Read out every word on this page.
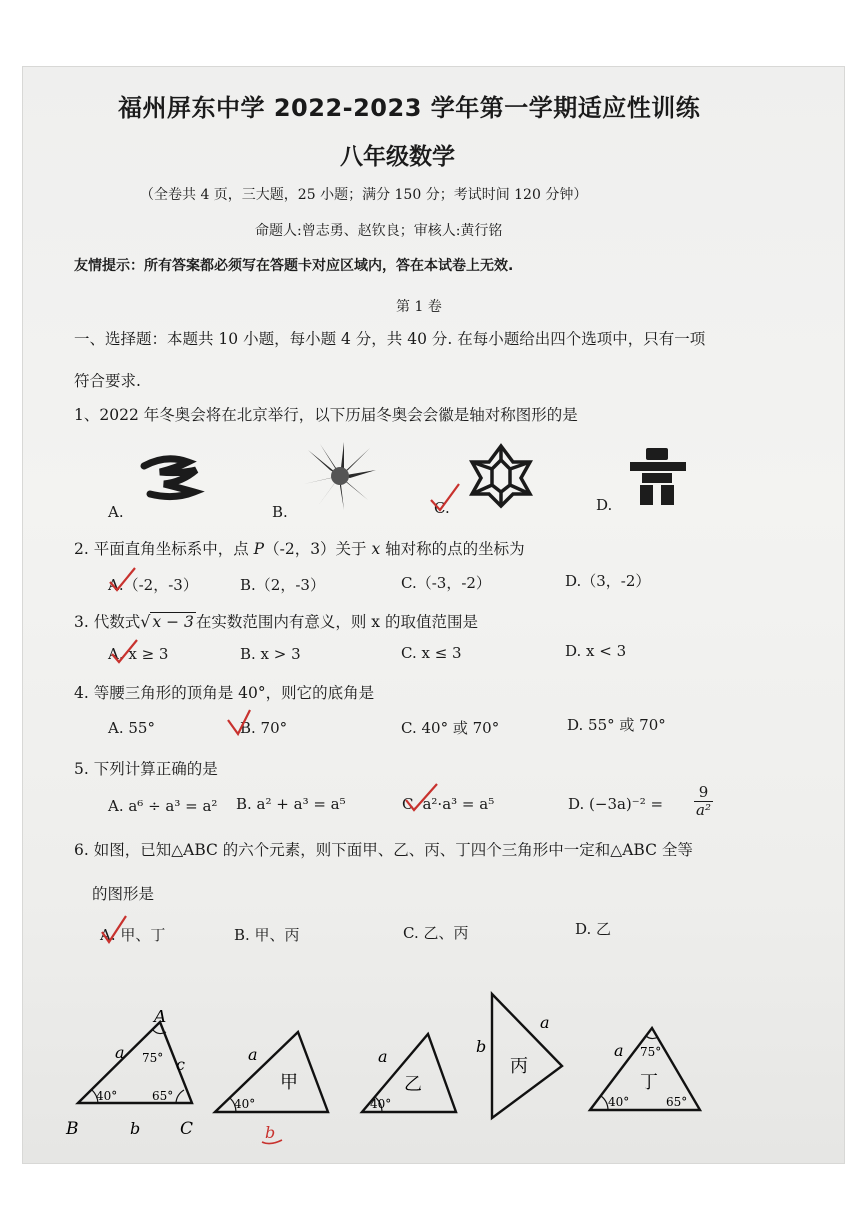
福州屏东中学 2022-2023 学年第一学期适应性训练
八年级数学
（全卷共 4 页，三大题，25 小题；满分 150 分；考试时间 120 分钟）
命题人:曾志勇、赵钦良；审核人:黄行铭
友情提示：所有答案都必须写在答题卡对应区域内，答在本试卷上无效.
第 1 卷
一、选择题：本题共 10 小题，每小题 4 分，共 40 分. 在每小题给出四个选项中，只有一项
符合要求.
1、2022 年冬奥会将在北京举行，以下历届冬奥会会徽是轴对称图形的是
A.	B.	C.	D.
2. 平面直角坐标系中，点 P（-2，3）关于 x 轴对称的点的坐标为
A.（-2，-3）	B.（2，-3）	C.（-3，-2）	D.（3，-2）
3. 代数式√ x − 3 在实数范围内有意义，则 x 的取值范围是
A. x ≥ 3	B. x > 3	C. x ≤ 3	D. x < 3
4. 等腰三角形的顶角是 40°，则它的底角是
A. 55°	B. 70°	C. 40° 或 70°	D. 55° 或 70°
5. 下列计算正确的是
A. a⁶ ÷ a³ = a² B. a² + a³ = a⁵	C. a²·a³ = a⁵	D. $(-3a)^{-2} = \frac{9}{\text{a²}}$
6. 如图，已知△ABC 的六个元素，则下面甲、乙、丙、丁四个三角形中一定和△ABC 全等
的图形是
A. 甲、丁	B. 甲、丙	C. 乙、丙	D. 乙
A
B	C
a
b
c
75°
40°	65°
a
甲
40°
b
a
乙
40°
b
a
丙
a 75°
丁
40°	65°
